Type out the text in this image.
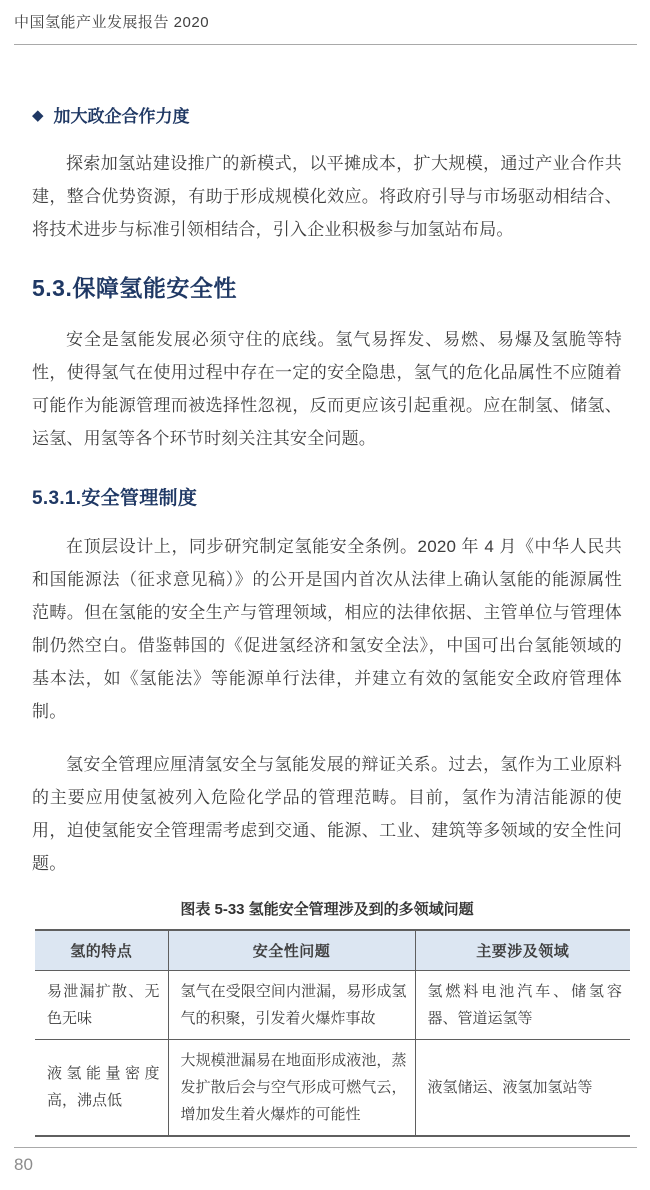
中国氢能产业发展报告 2020
◆ 加大政企合作力度

探索加氢站建设推广的新模式，以平摊成本，扩大规模，通过产业合作共建，整合优势资源，有助于形成规模化效应。将政府引导与市场驱动相结合、将技术进步与标准引领相结合，引入企业积极参与加氢站布局。

5.3.保障氢能安全性

安全是氢能发展必须守住的底线。氢气易挥发、易燃、易爆及氢脆等特性，使得氢气在使用过程中存在一定的安全隐患，氢气的危化品属性不应随着可能作为能源管理而被选择性忽视，反而更应该引起重视。应在制氢、储氢、运氢、用氢等各个环节时刻关注其安全问题。

5.3.1.安全管理制度

在顶层设计上，同步研究制定氢能安全条例。2020 年 4 月《中华人民共和国能源法（征求意见稿）》的公开是国内首次从法律上确认氢能的能源属性范畴。但在氢能的安全生产与管理领域，相应的法律依据、主管单位与管理体制仍然空白。借鉴韩国的《促进氢经济和氢安全法》，中国可出台氢能领域的基本法，如《氢能法》等能源单行法律，并建立有效的氢能安全政府管理体制。

氢安全管理应厘清氢安全与氢能发展的辩证关系。过去，氢作为工业原料的主要应用使氢被列入危险化学品的管理范畴。目前，氢作为清洁能源的使用，迫使氢能安全管理需考虑到交通、能源、工业、建筑等多领域的安全性问题。

图表 5-33 氢能安全管理涉及到的多领域问题
氢的特点	安全性问题	主要涉及领域
易泄漏扩散、无色无味	氢气在受限空间内泄漏，易形成氢气的积聚，引发着火爆炸事故	氢燃料电池汽车、储氢容器、管道运氢等
液氢能量密度高，沸点低	大规模泄漏易在地面形成液池，蒸发扩散后会与空气形成可燃气云，增加发生着火爆炸的可能性	液氢储运、液氢加氢站等
80
